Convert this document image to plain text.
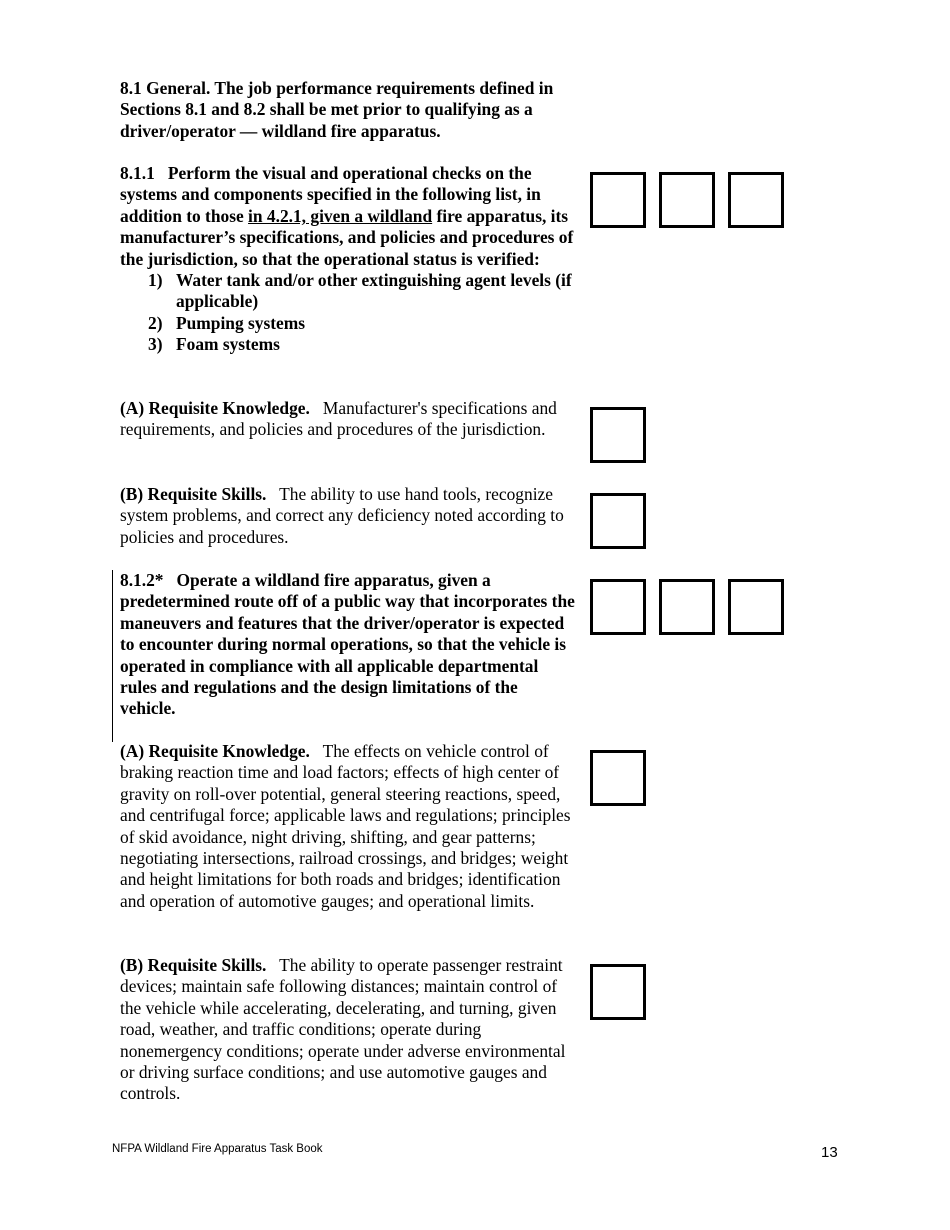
8.1 General. The job performance requirements defined in Sections 8.1 and 8.2 shall be met prior to qualifying as a driver/operator — wildland fire apparatus.
8.1.1 Perform the visual and operational checks on the systems and components specified in the following list, in addition to those in 4.2.1, given a wildland fire apparatus, its manufacturer’s specifications, and policies and procedures of the jurisdiction, so that the operational status is verified:
1) Water tank and/or other extinguishing agent levels (if applicable)
2) Pumping systems
3) Foam systems
(A) Requisite Knowledge. Manufacturer's specifications and requirements, and policies and procedures of the jurisdiction.
(B) Requisite Skills. The ability to use hand tools, recognize system problems, and correct any deficiency noted according to policies and procedures.
8.1.2* Operate a wildland fire apparatus, given a predetermined route off of a public way that incorporates the maneuvers and features that the driver/operator is expected to encounter during normal operations, so that the vehicle is operated in compliance with all applicable departmental rules and regulations and the design limitations of the vehicle.
(A) Requisite Knowledge. The effects on vehicle control of braking reaction time and load factors; effects of high center of gravity on roll-over potential, general steering reactions, speed, and centrifugal force; applicable laws and regulations; principles of skid avoidance, night driving, shifting, and gear patterns; negotiating intersections, railroad crossings, and bridges; weight and height limitations for both roads and bridges; identification and operation of automotive gauges; and operational limits.
(B) Requisite Skills. The ability to operate passenger restraint devices; maintain safe following distances; maintain control of the vehicle while accelerating, decelerating, and turning, given road, weather, and traffic conditions; operate during nonemergency conditions; operate under adverse environmental or driving surface conditions; and use automotive gauges and controls.
NFPA Wildland Fire Apparatus Task Book	13
